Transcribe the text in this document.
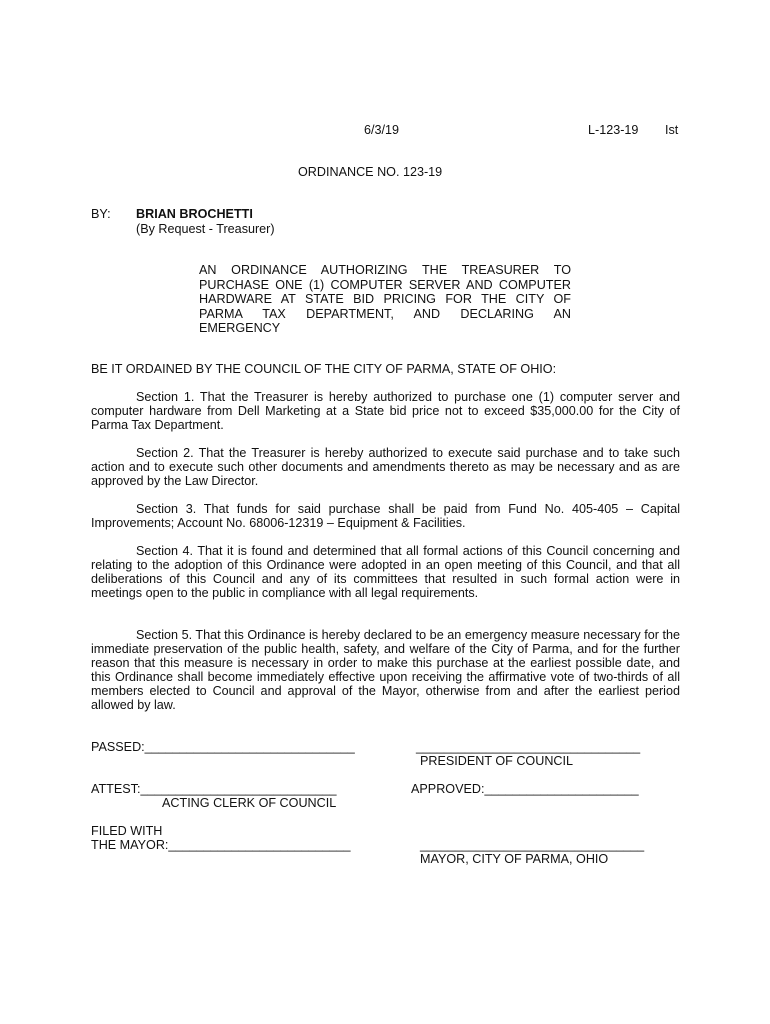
6/3/19	L-123-19 Ist
ORDINANCE NO. 123-19
BY: BRIAN BROCHETTI
(By Request - Treasurer)
AN ORDINANCE AUTHORIZING THE TREASURER TO PURCHASE ONE (1) COMPUTER SERVER AND COMPUTER HARDWARE AT STATE BID PRICING FOR THE CITY OF PARMA TAX DEPARTMENT, AND DECLARING AN EMERGENCY
BE IT ORDAINED BY THE COUNCIL OF THE CITY OF PARMA, STATE OF OHIO:
Section 1. That the Treasurer is hereby authorized to purchase one (1) computer server and computer hardware from Dell Marketing at a State bid price not to exceed $35,000.00 for the City of Parma Tax Department.
Section 2. That the Treasurer is hereby authorized to execute said purchase and to take such action and to execute such other documents and amendments thereto as may be necessary and as are approved by the Law Director.
Section 3. That funds for said purchase shall be paid from Fund No. 405-405 – Capital Improvements; Account No. 68006-12319 – Equipment & Facilities.
Section 4. That it is found and determined that all formal actions of this Council concerning and relating to the adoption of this Ordinance were adopted in an open meeting of this Council, and that all deliberations of this Council and any of its committees that resulted in such formal action were in meetings open to the public in compliance with all legal requirements.
Section 5. That this Ordinance is hereby declared to be an emergency measure necessary for the immediate preservation of the public health, safety, and welfare of the City of Parma, and for the further reason that this measure is necessary in order to make this purchase at the earliest possible date, and this Ordinance shall become immediately effective upon receiving the affirmative vote of two-thirds of all members elected to Council and approval of the Mayor, otherwise from and after the earliest period allowed by law.
PASSED:______________________________	________________________________
PRESIDENT OF COUNCIL
ATTEST:____________________________	APPROVED:______________________
ACTING CLERK OF COUNCIL
FILED WITH
THE MAYOR:__________________________	________________________________
MAYOR, CITY OF PARMA, OHIO
